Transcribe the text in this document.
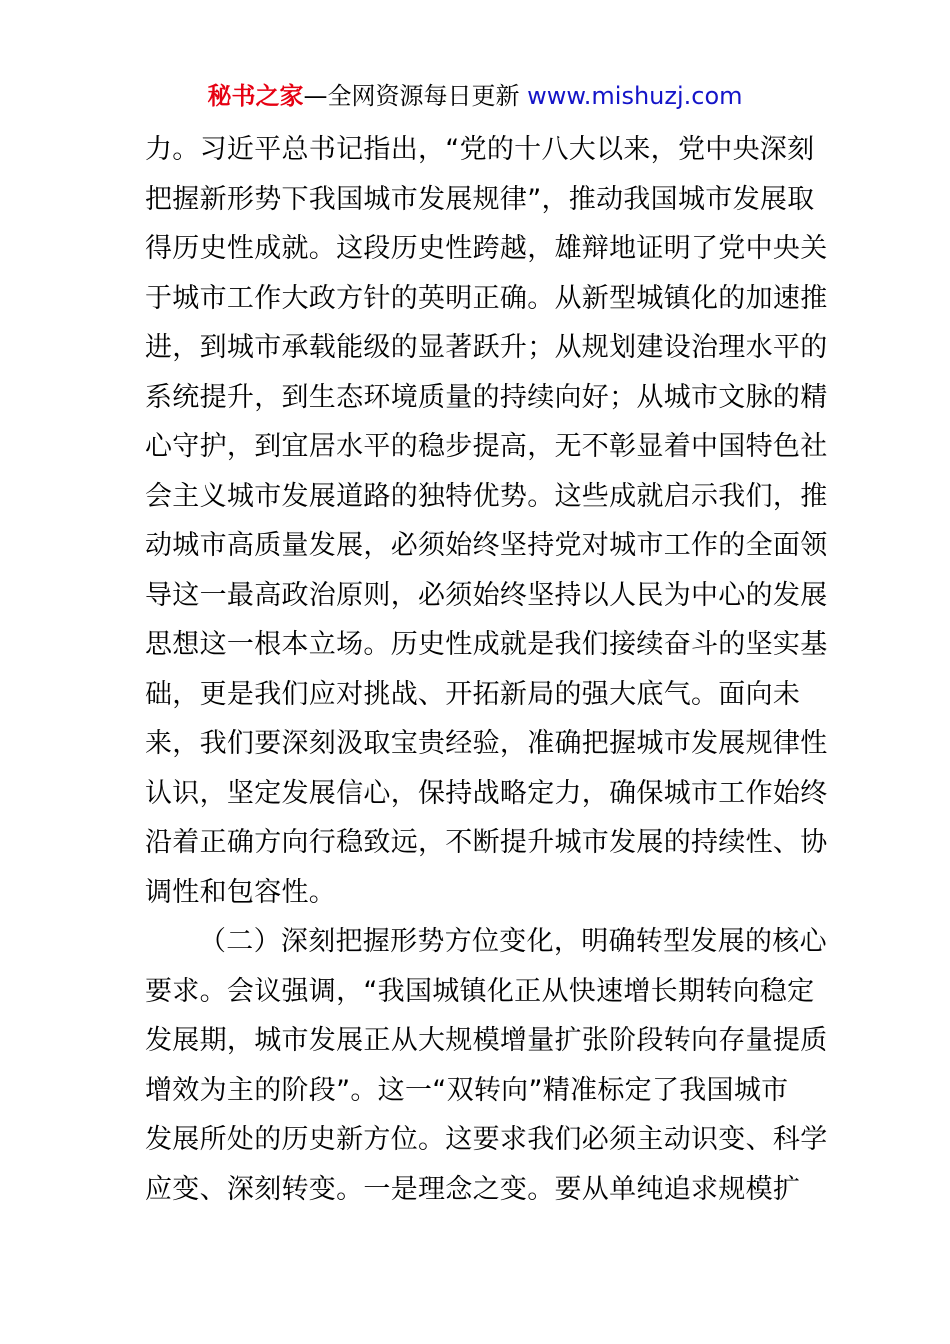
秘书之家—全网资源每日更新 www.mishuzj.com
力。习近平总书记指出，“党的十八大以来，党中央深刻
把握新形势下我国城市发展规律”，推动我国城市发展取
得历史性成就。这段历史性跨越，雄辩地证明了党中央关
于城市工作大政方针的英明正确。从新型城镇化的加速推
进，到城市承载能级的显著跃升；从规划建设治理水平的
系统提升，到生态环境质量的持续向好；从城市文脉的精
心守护，到宜居水平的稳步提高，无不彰显着中国特色社
会主义城市发展道路的独特优势。这些成就启示我们，推
动城市高质量发展，必须始终坚持党对城市工作的全面领
导这一最高政治原则，必须始终坚持以人民为中心的发展
思想这一根本立场。历史性成就是我们接续奋斗的坚实基
础，更是我们应对挑战、开拓新局的强大底气。面向未
来，我们要深刻汲取宝贵经验，准确把握城市发展规律性
认识，坚定发展信心，保持战略定力，确保城市工作始终
沿着正确方向行稳致远，不断提升城市发展的持续性、协
调性和包容性。
（二）深刻把握形势方位变化，明确转型发展的核心
要求。会议强调，“我国城镇化正从快速增长期转向稳定
发展期，城市发展正从大规模增量扩张阶段转向存量提质
增效为主的阶段”。这一“双转向”精准标定了我国城市
发展所处的历史新方位。这要求我们必须主动识变、科学
应变、深刻转变。一是理念之变。要从单纯追求规模扩
